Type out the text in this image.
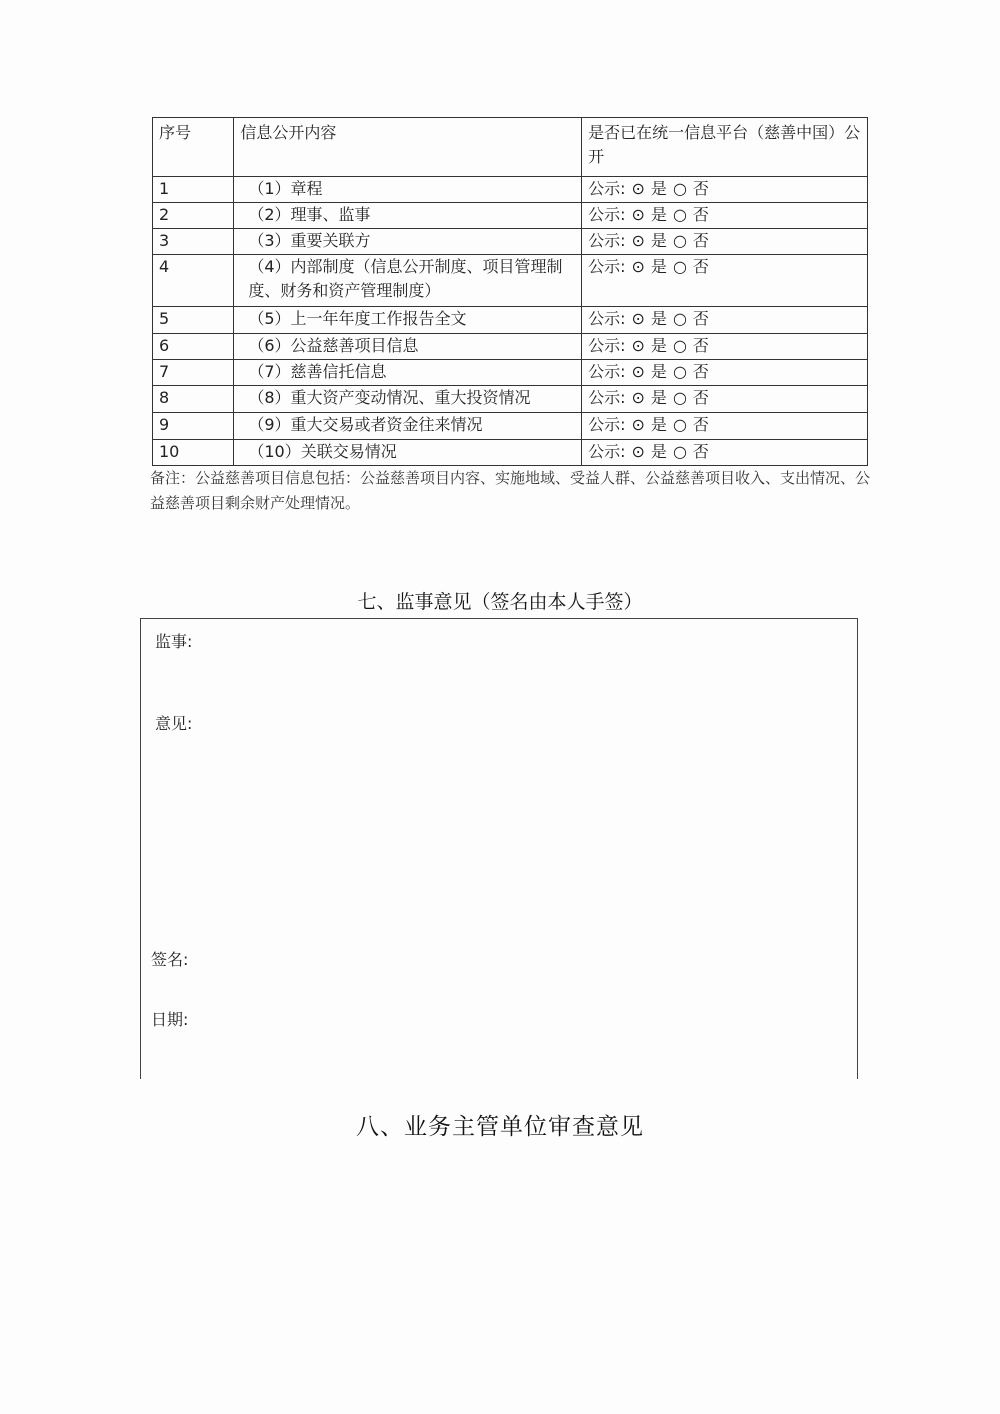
序号	信息公开内容	是否已在统一信息平台（慈善中国）公开
1	（1）章程	公示: ⊙ 是 ○ 否
2	（2）理事、监事	公示: ⊙ 是 ○ 否
3	（3）重要关联方	公示: ⊙ 是 ○ 否
4	（4）内部制度（信息公开制度、项目管理制度、财务和资产管理制度）	公示: ⊙ 是 ○ 否
5	（5）上一年年度工作报告全文	公示: ⊙ 是 ○ 否
6	（6）公益慈善项目信息	公示: ⊙ 是 ○ 否
7	（7）慈善信托信息	公示: ⊙ 是 ○ 否
8	（8）重大资产变动情况、重大投资情况	公示: ⊙ 是 ○ 否
9	（9）重大交易或者资金往来情况	公示: ⊙ 是 ○ 否
10	（10）关联交易情况	公示: ⊙ 是 ○ 否
备注：公益慈善项目信息包括：公益慈善项目内容、实施地域、受益人群、公益慈善项目收入、支出情况、公益慈善项目剩余财产处理情况。
七、监事意见（签名由本人手签）
监事:
意见:
签名:
日期:
八、业务主管单位审查意见
